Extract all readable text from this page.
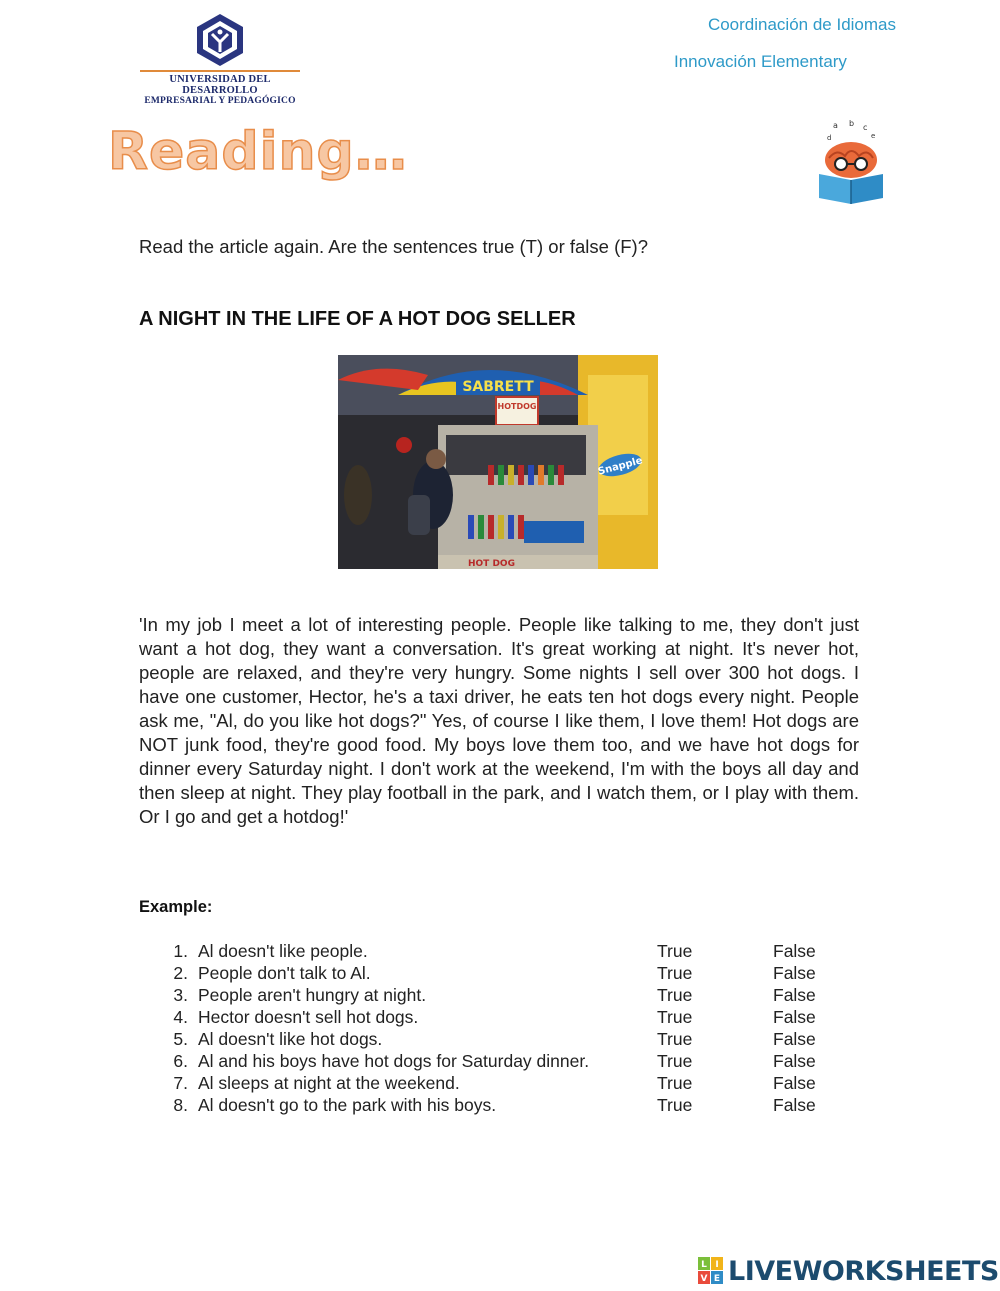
UNIVERSIDAD DEL DESARROLLO
EMPRESARIAL Y PEDAGÓGICO
Coordinación de Idiomas
Innovación Elementary
Reading…	a b c
d	e
Read the article again. Are the sentences true (T) or false (F)?
A NIGHT IN THE LIFE OF A HOT DOG SELLER
SABRETT
HOTDOG
Snapple
HOT DOG

'In my job I meet a lot of interesting people. People like talking to me, they don't just want a hot dog, they want a conversation. It's great working at night. It's never hot, people are relaxed, and they're very hungry. Some nights I sell over 300 hot dogs. I have one customer, Hector, he's a taxi driver, he eats ten hot dogs every night. People ask me, "Al, do you like hot dogs?" Yes, of course I like them, I love them! Hot dogs are NOT junk food, they're good food. My boys love them too, and we have hot dogs for dinner every Saturday night. I don't work at the weekend, I'm with the boys all day and then sleep at night. They play football in the park, and I watch them, or I play with them. Or I go and get a hotdog!'

Example:
1. Al doesn't like people.	True	False
2. People don't talk to Al.	True	False
3. People aren't hungry at night.	True	False
4. Hector doesn't sell hot dogs.	True	False
5. Al doesn't like hot dogs.	True	False
6. Al and his boys have hot dogs for Saturday dinner.	True	False
7. Al sleeps at night at the weekend.	True	False
8. Al doesn't go to the park with his boys.	True	False
L I
V E LIVEWORKSHEETS
